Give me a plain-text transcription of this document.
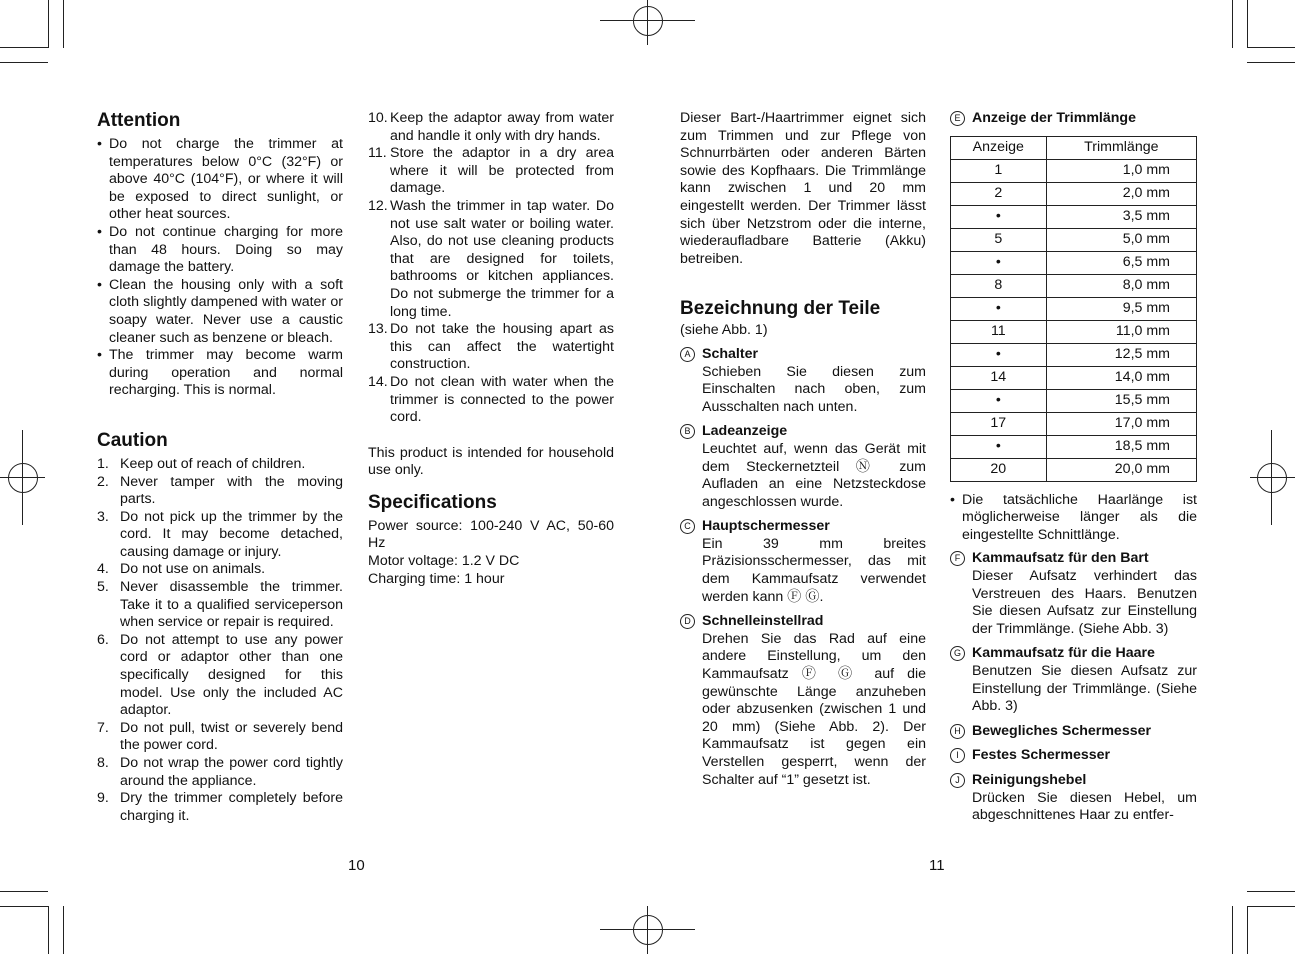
Attention
• Do not charge the trimmer at temperatures below 0°C (32°F) or above 40°C (104°F), or where it will be exposed to direct sunlight, or other heat sources.
• Do not continue charging for more than 48 hours. Doing so may damage the battery.
• Clean the housing only with a soft cloth slightly dampened with water or soapy water. Never use a caustic cleaner such as benzene or bleach.
• The trimmer may become warm during operation and normal recharging. This is normal.
Caution
1. Keep out of reach of children.
2. Never tamper with the moving parts.
3. Do not pick up the trimmer by the cord. It may become detached, causing damage or injury.
4. Do not use on animals.
5. Never disassemble the trimmer. Take it to a qualified serviceperson when service or repair is required.
6. Do not attempt to use any power cord or adaptor other than one specifically designed for this model. Use only the included AC adaptor.
7. Do not pull, twist or severely bend the power cord.
8. Do not wrap the power cord tightly around the appliance.
9. Dry the trimmer completely before charging it.
10. Keep the adaptor away from water and handle it only with dry hands.
11. Store the adaptor in a dry area where it will be protected from damage.
12. Wash the trimmer in tap water. Do not use salt water or boiling water. Also, do not use cleaning products that are designed for toilets, bathrooms or kitchen appliances. Do not submerge the trimmer for a long time.
13. Do not take the housing apart as this can affect the watertight construction.
14. Do not clean with water when the trimmer is connected to the power cord.

This product is intended for household use only.

Specifications
Power source: 100-240 V AC, 50-60 Hz
Motor voltage: 1.2 V DC
Charging time: 1 hour

Dieser Bart-/Haartrimmer eignet sich zum Trimmen und zur Pflege von Schnurrbärten oder anderen Bärten sowie des Kopfhaars. Die Trimmlänge kann zwischen 1 und 20 mm eingestellt werden. Der Trimmer lässt sich über Netzstrom oder die interne, wiederaufladbare Batterie (Akku) betreiben.

Bezeichnung der Teile
(siehe Abb. 1)
A Schalter
Schieben Sie diesen zum Einschalten nach oben, zum Ausschalten nach unten.
B Ladeanzeige
Leuchtet auf, wenn das Gerät mit dem Steckernetzteil Ⓝ zum Aufladen an eine Netzsteckdose angeschlossen wurde.
C Hauptschermesser
Ein 39 mm breites Präzisionsschermesser, das mit dem Kammaufsatz verwendet werden kann Ⓕ Ⓖ.
D Schnelleinstellrad
Drehen Sie das Rad auf eine andere Einstellung, um den Kammaufsatz Ⓕ Ⓖ auf die gewünschte Länge anzuheben oder abzusenken (zwischen 1 und 20 mm) (Siehe Abb. 2). Der Kammaufsatz ist gegen ein Verstellen gesperrt, wenn der Schalter auf “1” gesetzt ist.
E Anzeige der Trimmlänge
Anzeige	Trimmlänge
1	1,0 mm
2	2,0 mm
•	3,5 mm
5	5,0 mm
•	6,5 mm
8	8,0 mm
•	9,5 mm
11	11,0 mm
•	12,5 mm
14	14,0 mm
•	15,5 mm
17	17,0 mm
•	18,5 mm
20	20,0 mm
• Die tatsächliche Haarlänge ist möglicherweise länger als die eingestellte Schnittlänge.
F Kammaufsatz für den Bart
Dieser Aufsatz verhindert das Verstreuen des Haars. Benutzen Sie diesen Aufsatz zur Einstellung der Trimmlänge. (Siehe Abb. 3)
G Kammaufsatz für die Haare
Benutzen Sie diesen Aufsatz zur Einstellung der Trimmlänge. (Siehe Abb. 3)
H Bewegliches Schermesser
I Festes Schermesser
J Reinigungshebel
Drücken Sie diesen Hebel, um abgeschnittenes Haar zu entfer-
10	11
